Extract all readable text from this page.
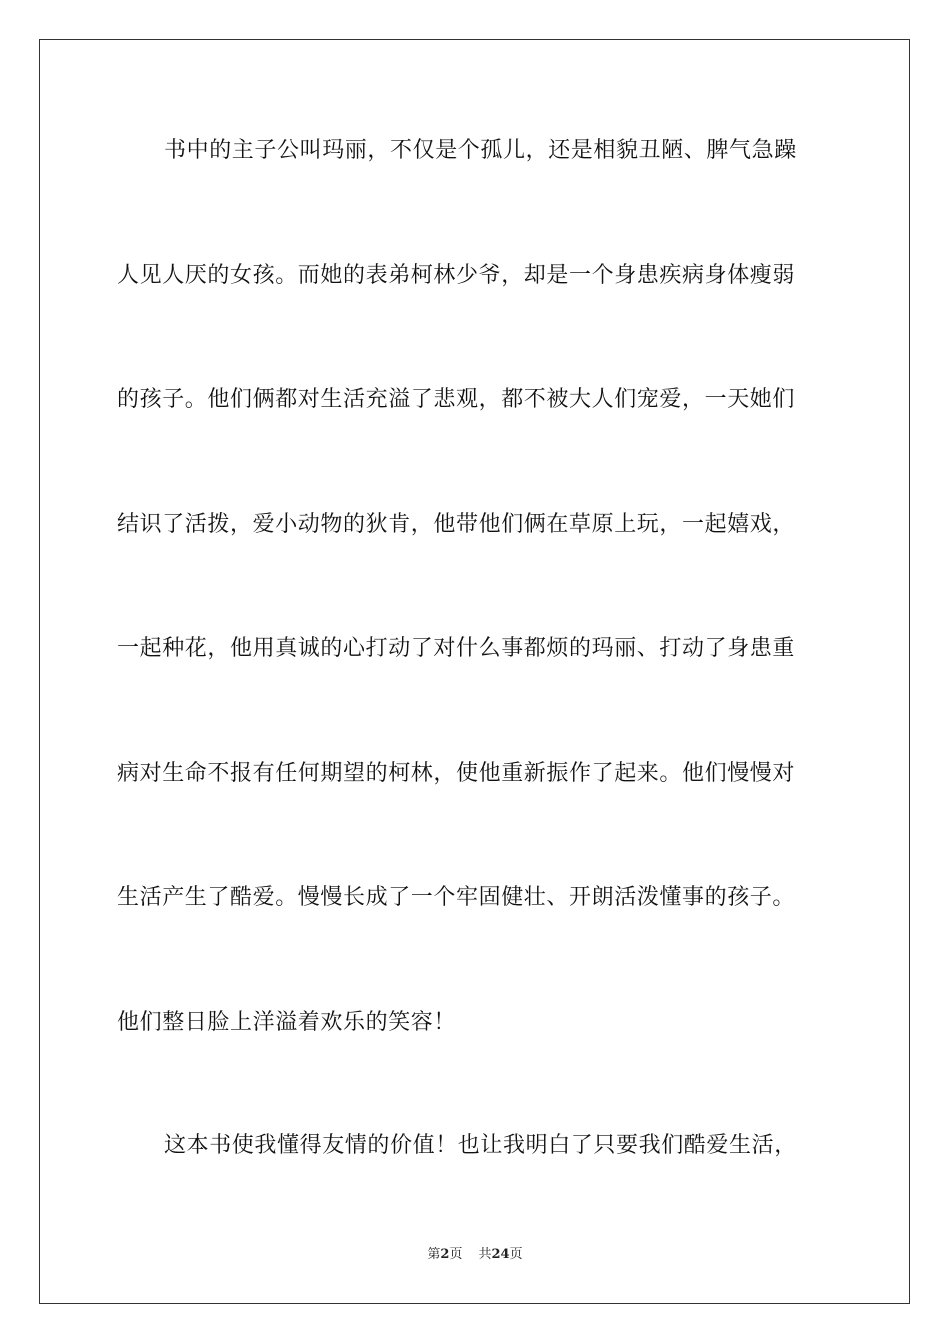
书中的主子公叫玛丽，不仅是个孤儿，还是相貌丑陋、脾气急躁
人见人厌的女孩。而她的表弟柯林少爷，却是一个身患疾病身体瘦弱
的孩子。他们俩都对生活充溢了悲观，都不被大人们宠爱，一天她们
结识了活拨，爱小动物的狄肯，他带他们俩在草原上玩，一起嬉戏，
一起种花，他用真诚的心打动了对什么事都烦的玛丽、打动了身患重
病对生命不报有任何期望的柯林，使他重新振作了起来。他们慢慢对
生活产生了酷爱。慢慢长成了一个牢固健壮、开朗活泼懂事的孩子。
他们整日脸上洋溢着欢乐的笑容！
这本书使我懂得友情的价值！也让我明白了只要我们酷爱生活，
第2页 共24页
